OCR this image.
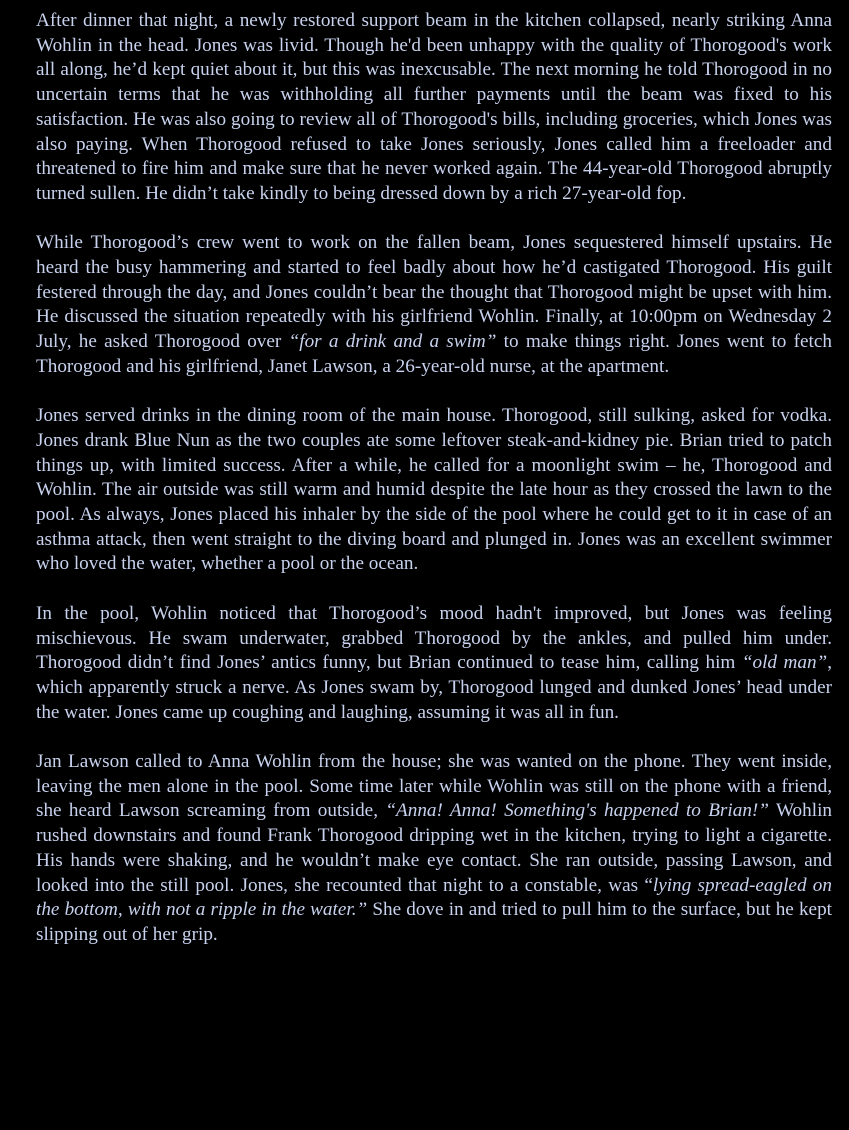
After dinner that night, a newly restored support beam in the kitchen collapsed, nearly striking Anna Wohlin in the head. Jones was livid. Though he'd been unhappy with the quality of Thorogood's work all along, he’d kept quiet about it, but this was inexcusable. The next morning he told Thorogood in no uncertain terms that he was withholding all further payments until the beam was fixed to his satisfaction. He was also going to review all of Thorogood's bills, including groceries, which Jones was also paying. When Thorogood refused to take Jones seriously, Jones called him a freeloader and threatened to fire him and make sure that he never worked again. The 44-year-old Thorogood abruptly turned sullen. He didn’t take kindly to being dressed down by a rich 27-year-old fop.

While Thorogood’s crew went to work on the fallen beam, Jones sequestered himself upstairs. He heard the busy hammering and started to feel badly about how he’d castigated Thorogood. His guilt festered through the day, and Jones couldn’t bear the thought that Thorogood might be upset with him. He discussed the situation repeatedly with his girlfriend Wohlin. Finally, at 10:00pm on Wednesday 2 July, he asked Thorogood over “for a drink and a swim” to make things right. Jones went to fetch Thorogood and his girlfriend, Janet Lawson, a 26-year-old nurse, at the apartment.

Jones served drinks in the dining room of the main house. Thorogood, still sulking, asked for vodka. Jones drank Blue Nun as the two couples ate some leftover steak-and-kidney pie. Brian tried to patch things up, with limited success. After a while, he called for a moonlight swim – he, Thorogood and Wohlin. The air outside was still warm and humid despite the late hour as they crossed the lawn to the pool. As always, Jones placed his inhaler by the side of the pool where he could get to it in case of an asthma attack, then went straight to the diving board and plunged in. Jones was an excellent swimmer who loved the water, whether a pool or the ocean.

In the pool, Wohlin noticed that Thorogood’s mood hadn't improved, but Jones was feeling mischievous. He swam underwater, grabbed Thorogood by the ankles, and pulled him under. Thorogood didn’t find Jones’ antics funny, but Brian continued to tease him, calling him “old man”, which apparently struck a nerve. As Jones swam by, Thorogood lunged and dunked Jones’ head under the water. Jones came up coughing and laughing, assuming it was all in fun.

Jan Lawson called to Anna Wohlin from the house; she was wanted on the phone. They went inside, leaving the men alone in the pool. Some time later while Wohlin was still on the phone with a friend, she heard Lawson screaming from outside, “Anna! Anna! Something's happened to Brian!” Wohlin rushed downstairs and found Frank Thorogood dripping wet in the kitchen, trying to light a cigarette. His hands were shaking, and he wouldn’t make eye contact. She ran outside, passing Lawson, and looked into the still pool. Jones, she recounted that night to a constable, was “lying spread-eagled on the bottom, with not a ripple in the water.” She dove in and tried to pull him to the surface, but he kept slipping out of her grip.
